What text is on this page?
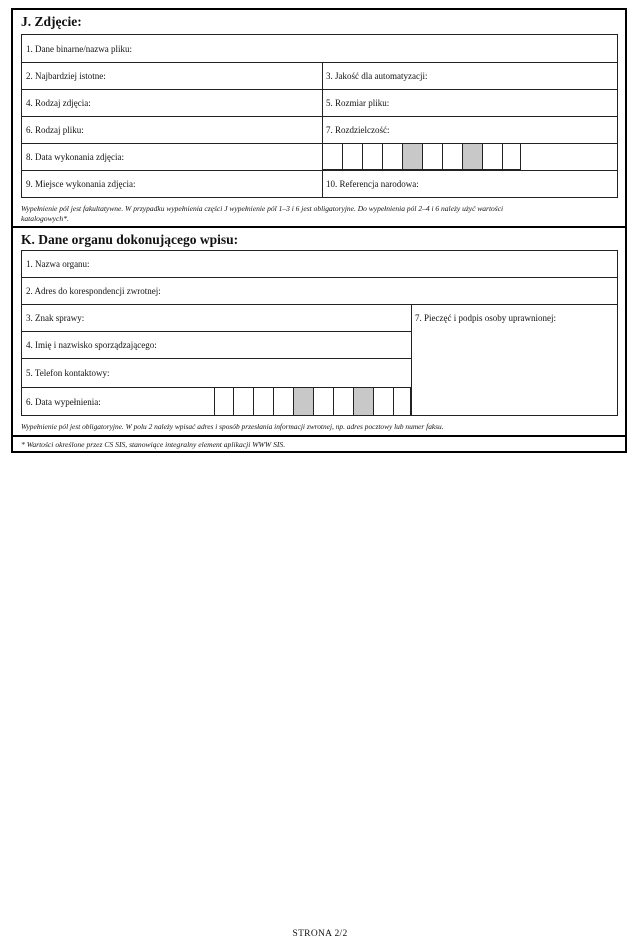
J. Zdjęcie:
1. Dane binarne/nazwa pliku:
2. Najbardziej istotne:	3. Jakość dla automatyzacji:
4. Rodzaj zdjęcia:	5. Rozmiar pliku:
6. Rodzaj pliku:	7. Rozdzielczość:
8. Data wykonania zdjęcia:
9. Miejsce wykonania zdjęcia:	10. Referencja narodowa:
Wypełnienie pól jest fakultatywne. W przypadku wypełnienia części J wypełnienie pól 1–3 i 6 jest obligatoryjne. Do wypełnienia pól 2–4 i 6 należy użyć wartości
katalogowych*.
K. Dane organu dokonującego wpisu:
1. Nazwa organu:
2. Adres do korespondencji zwrotnej:
3. Znak sprawy:
4. Imię i nazwisko sporządzającego:
5. Telefon kontaktowy:
6. Data wypełnienia:
7. Pieczęć i podpis osoby uprawnionej:
Wypełnienie pól jest obligatoryjne. W polu 2 należy wpisać adres i sposób przesłania informacji zwrotnej, np. adres pocztowy lub numer faksu.
* Wartości określone przez CS SIS, stanowiące integralny element aplikacji WWW SIS.
STRONA 2/2
